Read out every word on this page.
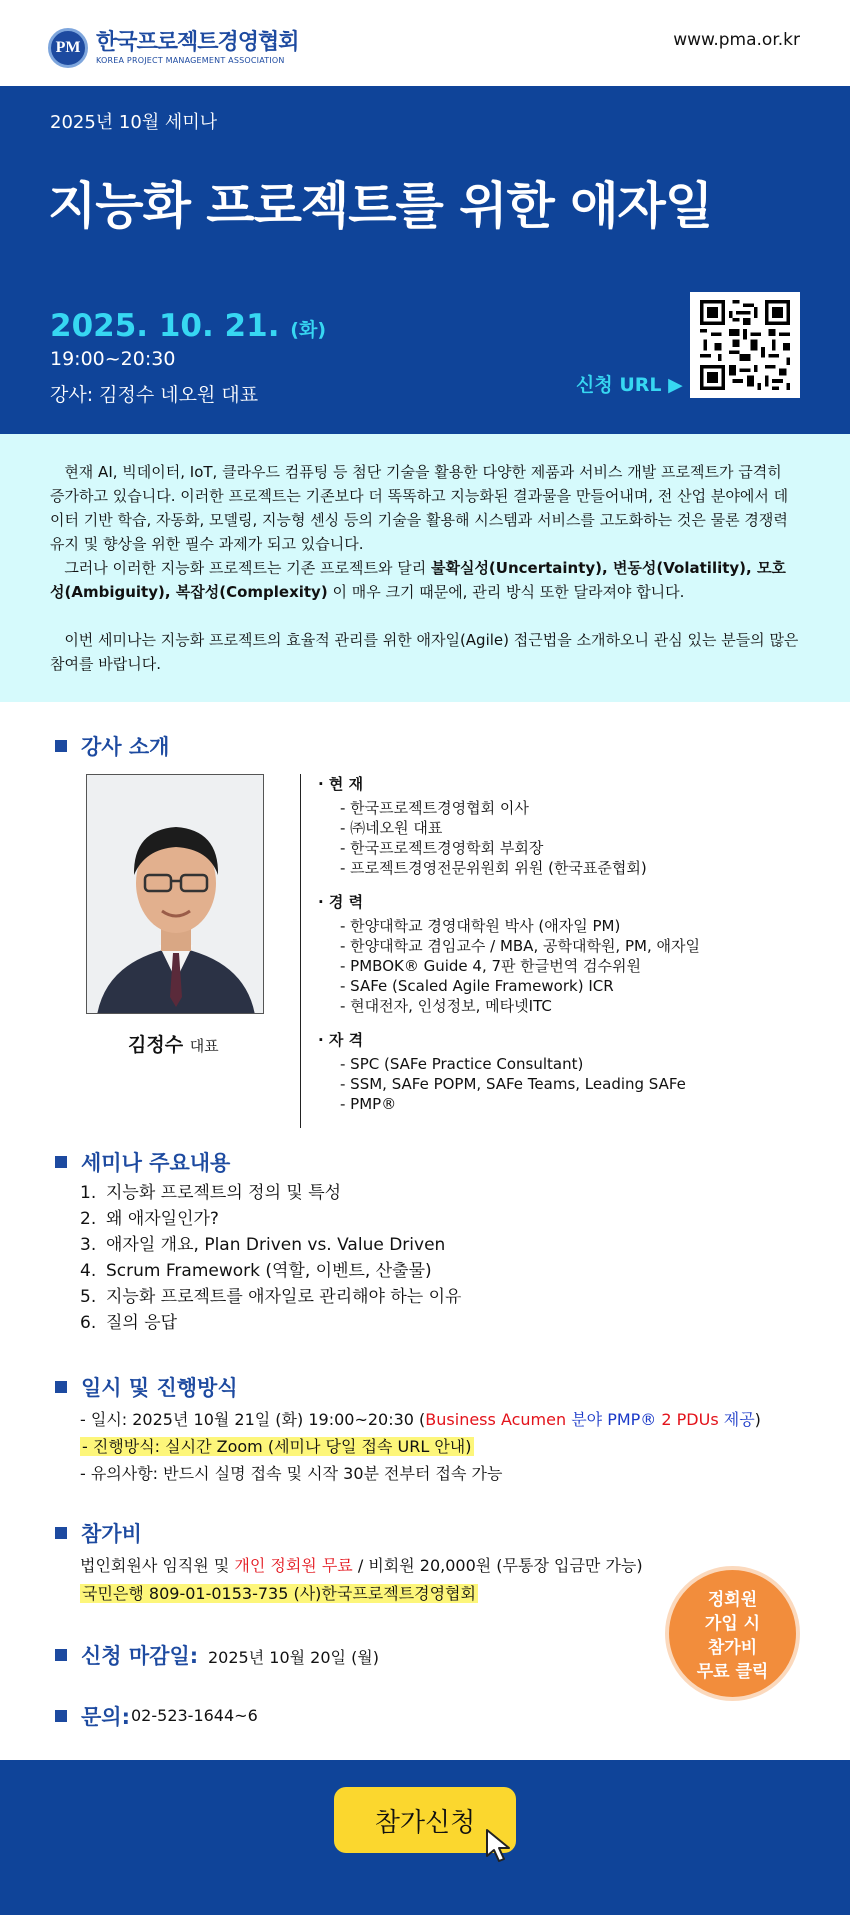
PM 한국프로젝트경영협회
KOREA PROJECT MANAGEMENT ASSOCIATION
www.pma.or.kr
2025년 10월 세미나
지능화 프로젝트를 위한 애자일
2025. 10. 21. (화)
19:00~20:30
강사: 김정수 네오원 대표	신청 URL ▶

현재 AI, 빅데이터, IoT, 클라우드 컴퓨팅 등 첨단 기술을 활용한 다양한 제품과 서비스 개발 프로젝트가 급격히 증가하고 있습니다. 이러한 프로젝트는 기존보다 더 똑똑하고 지능화된 결과물을 만들어내며, 전 산업 분야에서 데이터 기반 학습, 자동화, 모델링, 지능형 센싱 등의 기술을 활용해 시스템과 서비스를 고도화하는 것은 물론 경쟁력 유지 및 향상을 위한 필수 과제가 되고 있습니다.

그러나 이러한 지능화 프로젝트는 기존 프로젝트와 달리 불확실성(Uncertainty), 변동성(Volatility), 모호성(Ambiguity), 복잡성(Complexity) 이 매우 크기 때문에, 관리 방식 또한 달라져야 합니다.

이번 세미나는 지능화 프로젝트의 효율적 관리를 위한 애자일(Agile) 접근법을 소개하오니 관심 있는 분들의 많은 참여를 바랍니다.

강사 소개
김정수 대표
· 현 재
- 한국프로젝트경영협회 이사
- ㈜네오원 대표
- 한국프로젝트경영학회 부회장
- 프로젝트경영전문위원회 위원 (한국표준협회)
· 경 력
- 한양대학교 경영대학원 박사 (애자일 PM)
- 한양대학교 겸임교수 / MBA, 공학대학원, PM, 애자일
- PMBOK® Guide 4, 7판 한글번역 검수위원
- SAFe (Scaled Agile Framework) ICR
- 현대전자, 인성정보, 메타넷ITC
· 자 격
- SPC (SAFe Practice Consultant)
- SSM, SAFe POPM, SAFe Teams, Leading SAFe
- PMP®
세미나 주요내용
1. 지능화 프로젝트의 정의 및 특성
2. 왜 애자일인가?
3. 애자일 개요, Plan Driven vs. Value Driven
4. Scrum Framework (역할, 이벤트, 산출물)
5. 지능화 프로젝트를 애자일로 관리해야 하는 이유
6. 질의 응답
일시 및 진행방식
- 일시: 2025년 10월 21일 (화) 19:00~20:30 (Business Acumen 분야 PMP® 2 PDUs 제공)
- 진행방식: 실시간 Zoom (세미나 당일 접속 URL 안내)
- 유의사항: 반드시 실명 접속 및 시작 30분 전부터 접속 가능
참가비
법인회원사 임직원 및 개인 정회원 무료 / 비회원 20,000원 (무통장 입금만 가능)
국민은행 809-01-0153-735 (사)한국프로젝트경영협회
신청 마감일: 2025년 10월 20일 (월)
문의: 02-523-1644~6
정회원
가입 시
참가비
무료 클릭
참가신청
